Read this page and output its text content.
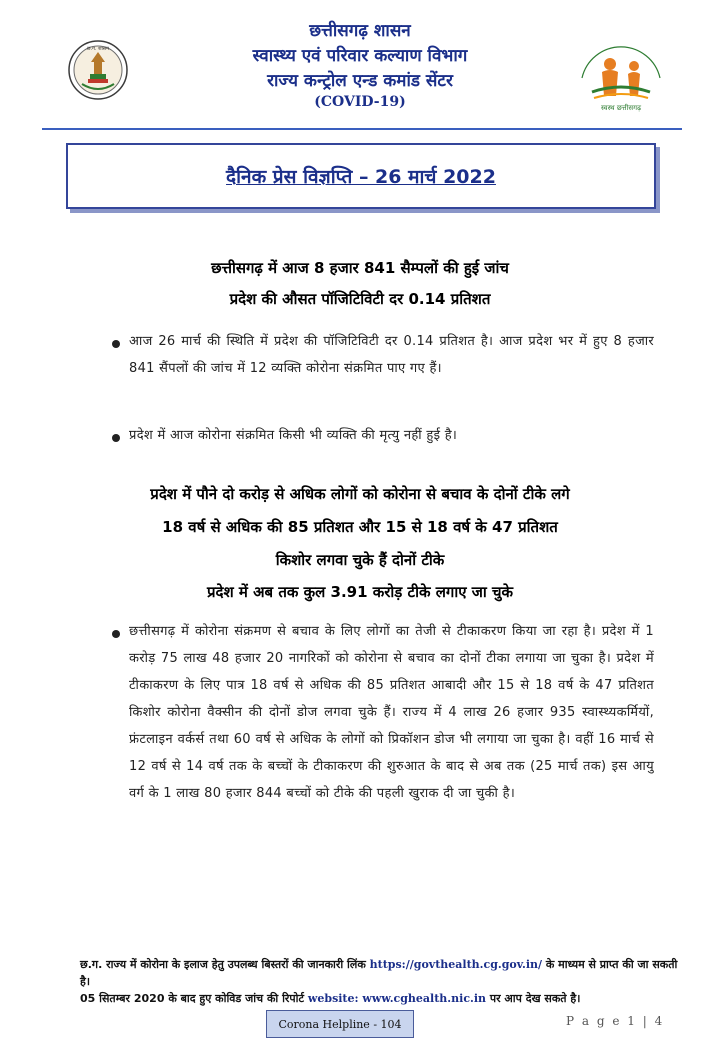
छ.ग. शासन
छत्तीसगढ़ शासन
स्वास्थ्य एवं परिवार कल्याण विभाग
राज्य कन्ट्रोल एन्ड कमांड सेंटर
(COVID-19)	स्वस्थ छत्तीसगढ़
दैनिक प्रेस विज्ञप्ति – 26 मार्च 2022
छत्तीसगढ़ में आज 8 हजार 841 सैम्पलों की हुई जांच
प्रदेश की औसत पॉजिटिविटी दर 0.14 प्रतिशत
आज 26 मार्च की स्थिति में प्रदेश की पॉजिटिविटी दर 0.14 प्रतिशत है। आज प्रदेश भर में हुए 8 हजार 841 सैंपलों की जांच में 12 व्यक्ति कोरोना संक्रमित पाए गए हैं।
प्रदेश में आज कोरोना संक्रमित किसी भी व्यक्ति की मृत्यु नहीं हुई है।
प्रदेश में पौने दो करोड़ से अधिक लोगों को कोरोना से बचाव के दोनों टीके लगे
18 वर्ष से अधिक की 85 प्रतिशत और 15 से 18 वर्ष के 47 प्रतिशत
किशोर लगवा चुके हैं दोनों टीके
प्रदेश में अब तक कुल 3.91 करोड़ टीके लगाए जा चुके
छत्तीसगढ़ में कोरोना संक्रमण से बचाव के लिए लोगों का तेजी से टीकाकरण किया जा रहा है। प्रदेश में 1 करोड़ 75 लाख 48 हजार 20 नागरिकों को कोरोना से बचाव का दोनों टीका लगाया जा चुका है। प्रदेश में टीकाकरण के लिए पात्र 18 वर्ष से अधिक की 85 प्रतिशत आबादी और 15 से 18 वर्ष के 47 प्रतिशत किशोर कोरोना वैक्सीन की दोनों डोज लगवा चुके हैं। राज्य में 4 लाख 26 हजार 935 स्वास्थ्यकर्मियों, फ्रंटलाइन वर्कर्स तथा 60 वर्ष से अधिक के लोगों को प्रिकॉशन डोज भी लगाया जा चुका है। वहीं 16 मार्च से 12 वर्ष से 14 वर्ष तक के बच्चों के टीकाकरण की शुरुआत के बाद से अब तक (25 मार्च तक) इस आयु वर्ग के 1 लाख 80 हजार 844 बच्चों को टीके की पहली खुराक दी जा चुकी है।
छ.ग. राज्य में कोरोना के इलाज हेतु उपलब्ध बिस्तरों की जानकारी लिंक https://govthealth.cg.gov.in/ के माध्यम से प्राप्त की जा सकती है।
05 सितम्बर 2020 के बाद हुए कोविड जांच की रिपोर्ट website: www.cghealth.nic.in पर आप देख सकते है।
Corona Helpline - 104	P a g e 1 | 4
